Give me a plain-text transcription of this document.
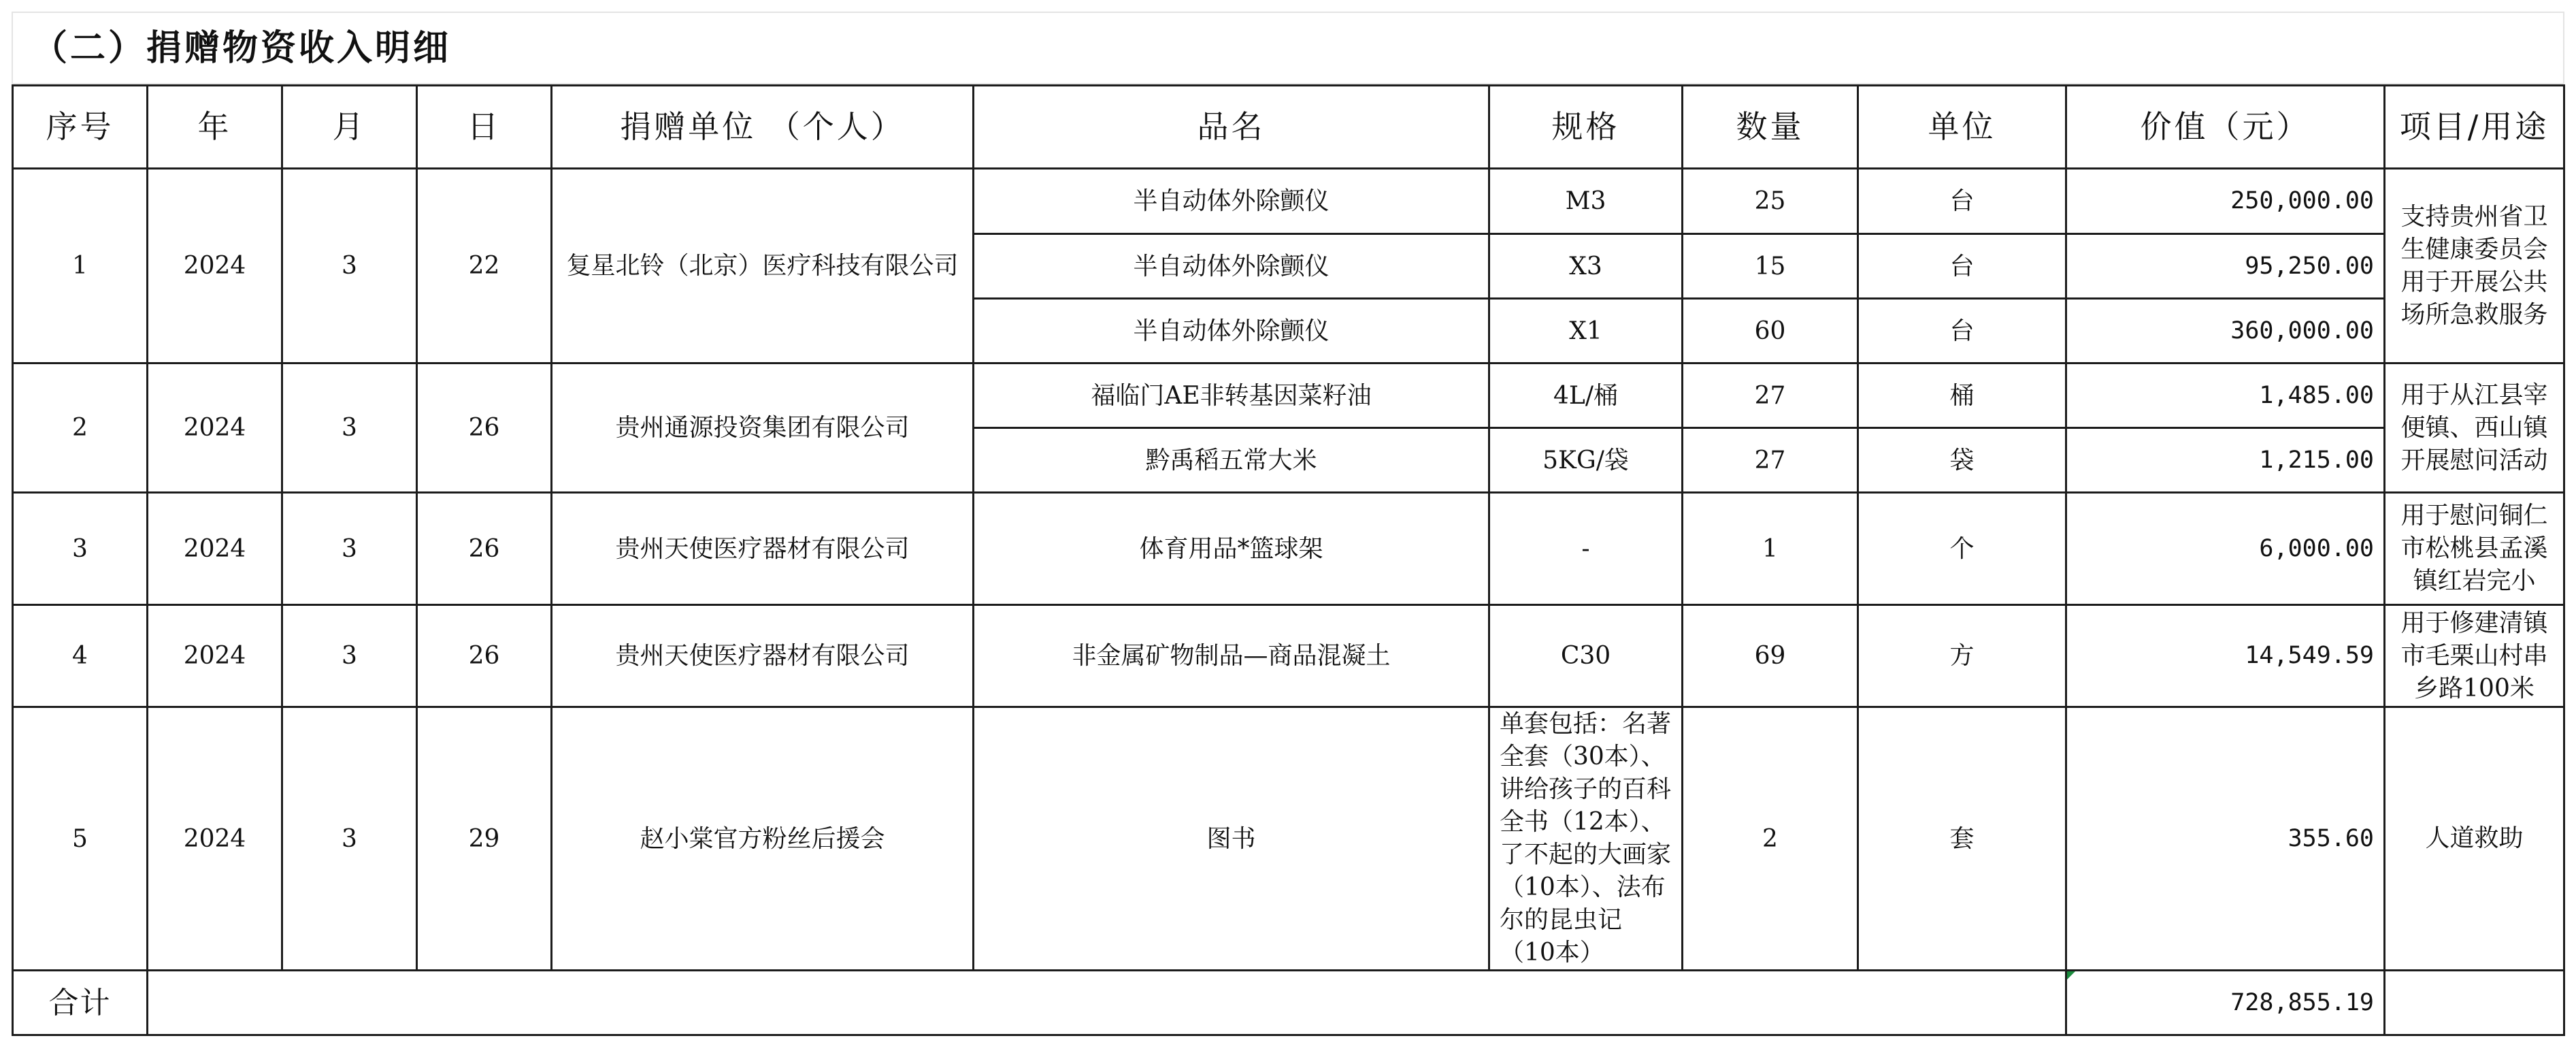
（二）捐赠物资收入明细
序号	年	月	日	捐赠单位 （个人）	品名	规格	数量	单位	价值（元）	项目/用途
1	2024	3	22	复星北铃（北京）医疗科技有限公司	半自动体外除颤仪	M3	25	台	250,000.00	支持贵州省卫生健康委员会用于开展公共场所急救服务
					半自动体外除颤仪	X3	15	台	95,250.00	
					半自动体外除颤仪	X1	60	台	360,000.00	
2	2024	3	26	贵州通源投资集团有限公司	福临门AE非转基因菜籽油	4L/桶	27	桶	1,485.00	用于从江县宰便镇、西山镇开展慰问活动
					黔禹稻五常大米	5KG/袋	27	袋	1,215.00	
3	2024	3	26	贵州天使医疗器材有限公司	体育用品*篮球架	-	1	个	6,000.00	用于慰问铜仁市松桃县孟溪镇红岩完小
4	2024	3	26	贵州天使医疗器材有限公司	非金属矿物制品—商品混凝土	C30	69	方	14,549.59	用于修建清镇市毛栗山村串乡路100米
5	2024	3	29	赵小棠官方粉丝后援会	图书	单套包括：名著全套（30本）、讲给孩子的百科全书（12本）、了不起的大画家（10本）、法布尔的昆虫记（10本）	2	套	355.60	人道救助
合计									728,855.19	
